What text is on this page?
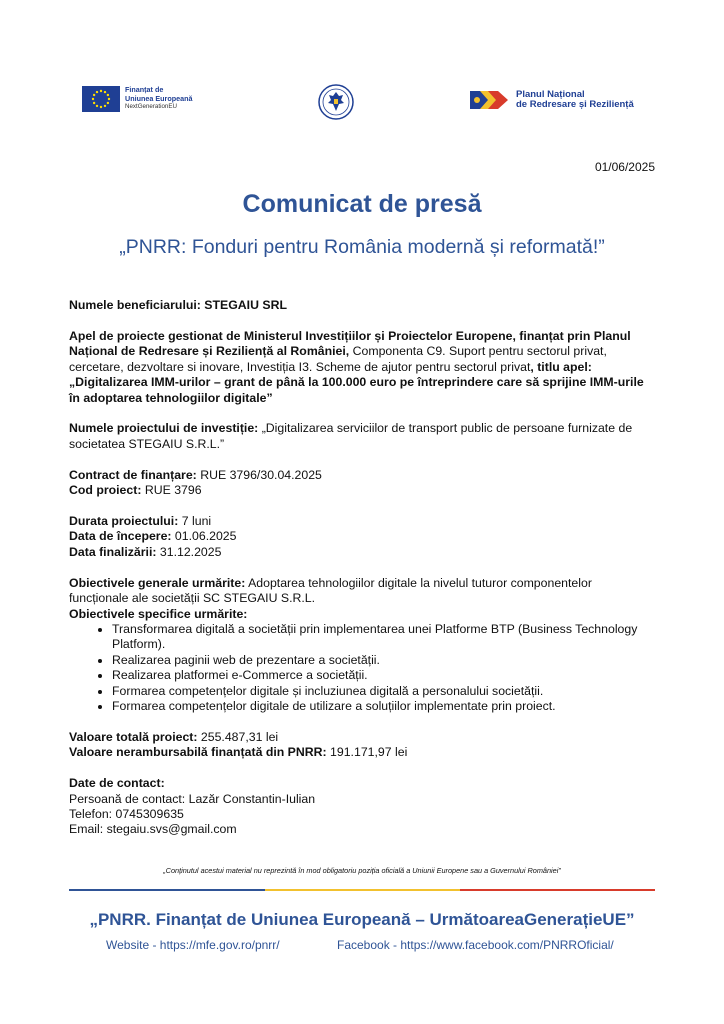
Finanțat de
Uniunea Europeană
NextGenerationEU
Planul Național
de Redresare și Reziliență
01/06/2025
Comunicat de presă
„PNRR: Fonduri pentru România modernă și reformată!”

Numele beneficiarului: STEGAIU SRL

Apel de proiecte gestionat de Ministerul Investițiilor și Proiectelor Europene, finanțat prin Planul Național de Redresare și Reziliență al României, Componenta C9. Suport pentru sectorul privat, cercetare, dezvoltare si inovare, Investiția I3. Scheme de ajutor pentru sectorul privat, titlu apel: „Digitalizarea IMM-urilor – grant de până la 100.000 euro pe întreprindere care să sprijine IMM-urile în adoptarea tehnologiilor digitale”

Numele proiectului de investiție: „Digitalizarea serviciilor de transport public de persoane furnizate de societatea STEGAIU S.R.L.”

Contract de finanțare: RUE 3796/30.04.2025

Cod proiect: RUE 3796

Durata proiectului: 7 luni

Data de începere: 01.06.2025

Data finalizării: 31.12.2025

Obiectivele generale urmărite: Adoptarea tehnologiilor digitale la nivelul tuturor componentelor funcționale ale societății SC STEGAIU S.R.L.

Obiectivele specifice urmărite:

• Transformarea digitală a societății prin implementarea unei Platforme BTP (Business Technology Platform).
• Realizarea paginii web de prezentare a societății.
• Realizarea platformei e-Commerce a societății.
• Formarea competențelor digitale și incluziunea digitală a personalului societății.
• Formarea competențelor digitale de utilizare a soluțiilor implementate prin proiect.

Valoare totală proiect: 255.487,31 lei

Valoare nerambursabilă finanțată din PNRR: 191.171,97 lei

Date de contact:

Persoană de contact: Lazăr Constantin-Iulian

Telefon: 0745309635

Email: stegaiu.svs@gmail.com

„Conținutul acestui material nu reprezintă în mod obligatoriu poziția oficială a Uniunii Europene sau a Guvernului României”
„PNRR. Finanțat de Uniunea Europeană – UrmătoareaGenerațieUE”
Website - https://mfe.gov.ro/pnrr/	Facebook - https://www.facebook.com/PNRROficial/
